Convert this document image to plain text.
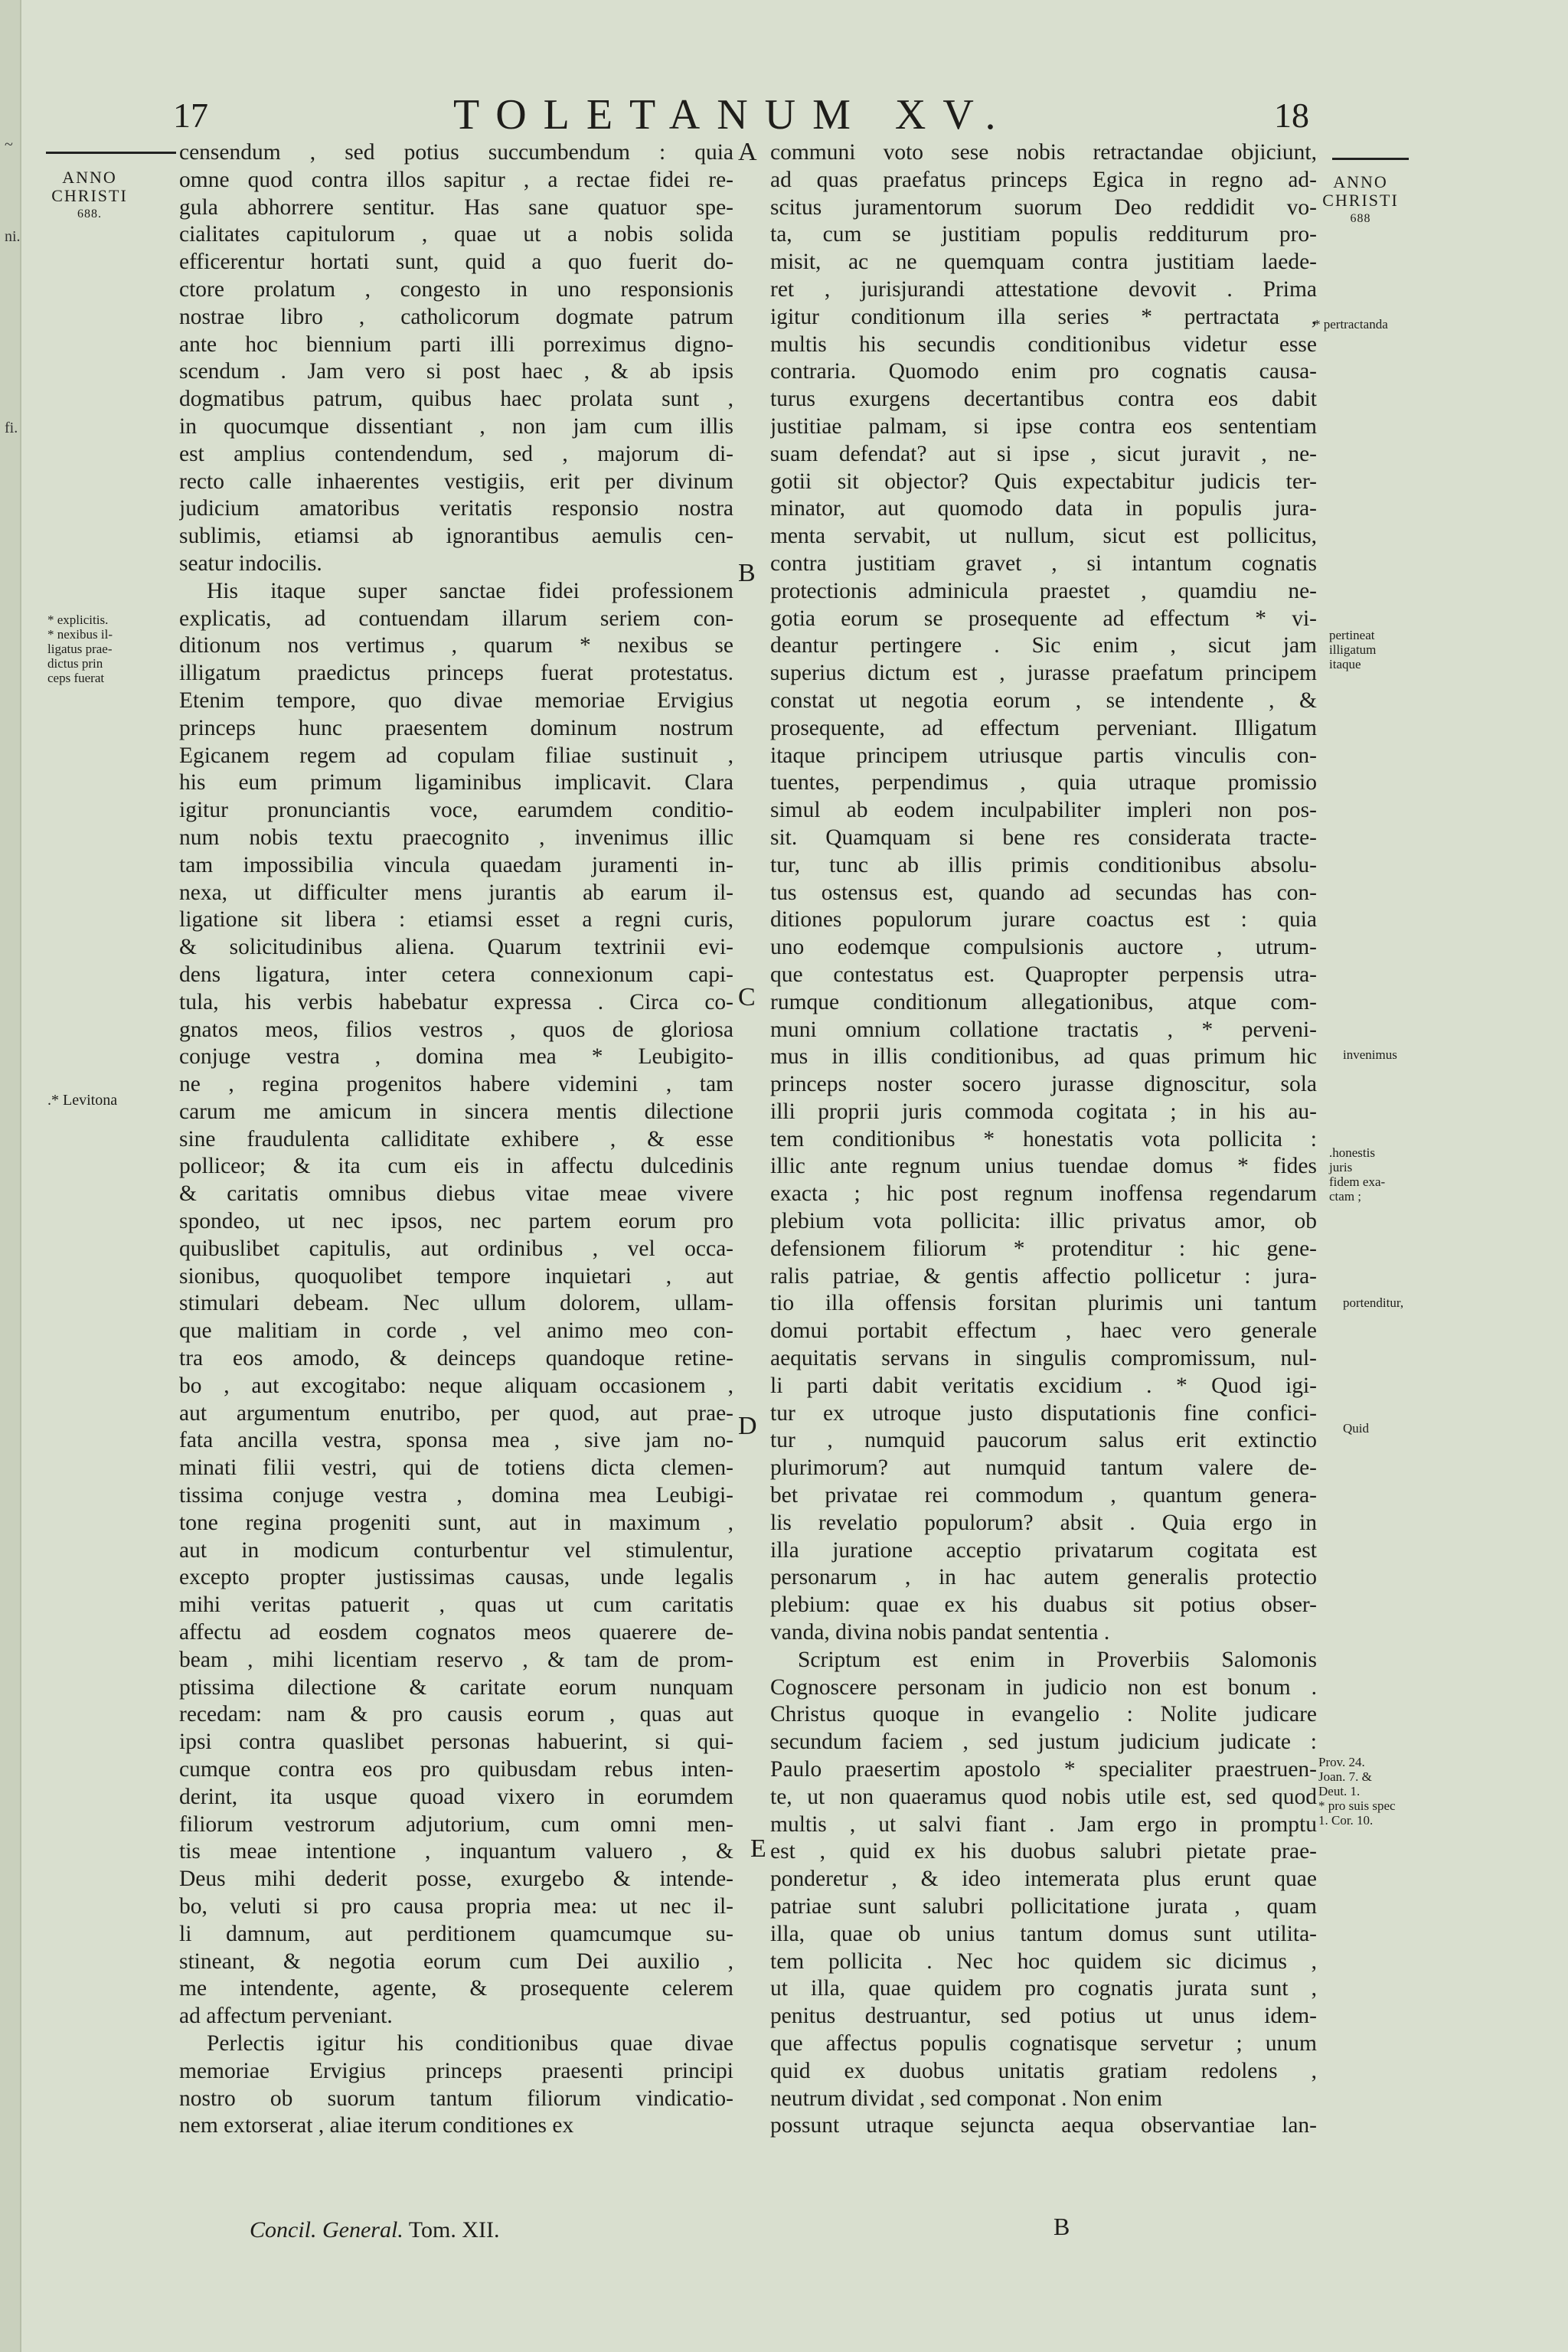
~
ni.
fi.
17	TOLETANUM XV.	18
ANNO
CHRISTI

688.
ANNO
CHRISTI

688
censendum , sed potius succumbendum : quia
omne quod contra illos sapitur , a rectae fidei re-
gula abhorrere sentitur. Has sane quatuor spe-
cialitates capitulorum , quae ut a nobis solida
efficerentur hortati sunt, quid a quo fuerit do-
ctore prolatum , congesto in uno responsionis
nostrae libro , catholicorum dogmate patrum
ante hoc biennium parti illi porreximus digno-
scendum . Jam vero si post haec , & ab ipsis
dogmatibus patrum, quibus haec prolata sunt ,
in quocumque dissentiant , non jam cum illis
est amplius contendendum, sed , majorum di-
recto calle inhaerentes vestigiis, erit per divinum
judicium amatoribus veritatis responsio nostra
sublimis, etiamsi ab ignorantibus aemulis cen-
seatur indocilis.
His itaque super sanctae fidei professionem
explicatis, ad contuendam illarum seriem con-
ditionum nos vertimus , quarum * nexibus se
illigatum praedictus princeps fuerat protestatus.
Etenim tempore, quo divae memoriae Ervigius
princeps hunc praesentem dominum nostrum
Egicanem regem ad copulam filiae sustinuit ,
his eum primum ligaminibus implicavit. Clara
igitur pronunciantis voce, earumdem conditio-
num nobis textu praecognito , invenimus illic
tam impossibilia vincula quaedam juramenti in-
nexa, ut difficulter mens jurantis ab earum il-
ligatione sit libera : etiamsi esset a regni curis,
& solicitudinibus aliena. Quarum textrinii evi-
dens ligatura, inter cetera connexionum capi-
tula, his verbis habebatur expressa . Circa co-
gnatos meos, filios vestros , quos de gloriosa
conjuge vestra , domina mea * Leubigito-
ne , regina progenitos habere videmini , tam
carum me amicum in sincera mentis dilectione
sine fraudulenta calliditate exhibere , & esse
polliceor; & ita cum eis in affectu dulcedinis
& caritatis omnibus diebus vitae meae vivere
spondeo, ut nec ipsos, nec partem eorum pro
quibuslibet capitulis, aut ordinibus , vel occa-
sionibus, quoquolibet tempore inquietari , aut
stimulari debeam. Nec ullum dolorem, ullam-
que malitiam in corde , vel animo meo con-
tra eos amodo, & deinceps quandoque retine-
bo , aut excogitabo: neque aliquam occasionem ,
aut argumentum enutribo, per quod, aut prae-
fata ancilla vestra, sponsa mea , sive jam no-
minati filii vestri, qui de totiens dicta clemen-
tissima conjuge vestra , domina mea Leubigi-
tone regina progeniti sunt, aut in maximum ,
aut in modicum conturbentur vel stimulentur,
excepto propter justissimas causas, unde legalis
mihi veritas patuerit , quas ut cum caritatis
affectu ad eosdem cognatos meos quaerere de-
beam , mihi licentiam reservo , & tam de prom-
ptissima dilectione & caritate eorum nunquam
recedam: nam & pro causis eorum , quas aut
ipsi contra quaslibet personas habuerint, si qui-
cumque contra eos pro quibusdam rebus inten-
derint, ita usque quoad vixero in eorumdem
filiorum vestrorum adjutorium, cum omni men-
tis meae intentione , inquantum valuero , &
Deus mihi dederit posse, exurgebo & intende-
bo, veluti si pro causa propria mea: ut nec il-
li damnum, aut perditionem quamcumque su-
stineant, & negotia eorum cum Dei auxilio ,
me intendente, agente, & prosequente celerem
ad affectum perveniant.
Perlectis igitur his conditionibus quae divae
memoriae Ervigius princeps praesenti principi
nostro ob suorum tantum filiorum vindicatio-
nem extorserat , aliae iterum conditiones ex
communi voto sese nobis retractandae objiciunt,
ad quas praefatus princeps Egica in regno ad-
scitus juramentorum suorum Deo reddidit vo-
ta, cum se justitiam populis redditurum pro-
misit, ac ne quemquam contra justitiam laede-
ret , jurisjurandi attestatione devovit . Prima
igitur conditionum illa series * pertractata ,
multis his secundis conditionibus videtur esse
contraria. Quomodo enim pro cognatis causa-
turus exurgens decertantibus contra eos dabit
justitiae palmam, si ipse contra eos sententiam
suam defendat? aut si ipse , sicut juravit , ne-
gotii sit objector? Quis expectabitur judicis ter-
minator, aut quomodo data in populis jura-
menta servabit, ut nullum, sicut est pollicitus,
contra justitiam gravet , si intantum cognatis
protectionis adminicula praestet , quamdiu ne-
gotia eorum se prosequente ad effectum * vi-
deantur pertingere . Sic enim , sicut jam
superius dictum est , jurasse praefatum principem
constat ut negotia eorum , se intendente , &
prosequente, ad effectum perveniant. Illigatum
itaque principem utriusque partis vinculis con-
tuentes, perpendimus , quia utraque promissio
simul ab eodem inculpabiliter impleri non pos-
sit. Quamquam si bene res considerata tracte-
tur, tunc ab illis primis conditionibus absolu-
tus ostensus est, quando ad secundas has con-
ditiones populorum jurare coactus est : quia
uno eodemque compulsionis auctore , utrum-
que contestatus est. Quapropter perpensis utra-
rumque conditionum allegationibus, atque com-
muni omnium collatione tractatis , * perveni-
mus in illis conditionibus, ad quas primum hic
princeps noster socero jurasse dignoscitur, sola
illi proprii juris commoda cogitata ; in his au-
tem conditionibus * honestatis vota pollicita :
illic ante regnum unius tuendae domus * fides
exacta ; hic post regnum inoffensa regendarum
plebium vota pollicita: illic privatus amor, ob
defensionem filiorum * protenditur : hic gene-
ralis patriae, & gentis affectio pollicetur : jura-
tio illa offensis forsitan plurimis uni tantum
domui portabit effectum , haec vero generale
aequitatis servans in singulis compromissum, nul-
li parti dabit veritatis excidium . * Quod igi-
tur ex utroque justo disputationis fine confici-
tur , numquid paucorum salus erit extinctio
plurimorum? aut numquid tantum valere de-
bet privatae rei commodum , quantum genera-
lis revelatio populorum? absit . Quia ergo in
illa juratione acceptio privatarum cogitata est
personarum , in hac autem generalis protectio
plebium: quae ex his duabus sit potius obser-
vanda, divina nobis pandat sententia .
Scriptum est enim in Proverbiis Salomonis
Cognoscere personam in judicio non est bonum .
Christus quoque in evangelio : Nolite judicare
secundum faciem , sed justum judicium judicate :
Paulo praesertim apostolo * specialiter praestruen-
te, ut non quaeramus quod nobis utile est, sed quod
multis , ut salvi fiant . Jam ergo in promptu
est , quid ex his duobus salubri pietate prae-
ponderetur , & ideo intemerata plus erunt quae
patriae sunt salubri pollicitatione jurata , quam
illa, quae ob unius tantum domus sunt utilita-
tem pollicita . Nec hoc quidem sic dicimus ,
ut illa, quae quidem pro cognatis jurata sunt ,
penitus destruantur, sed potius ut unus idem-
que affectus populis cognatisque servetur ; unum
quid ex duobus unitatis gratiam redolens ,
neutrum dividat , sed componat . Non enim
possunt utraque sejuncta aequa observantiae lan-
A
B
C
D
E
* explicitis.
* nexibus il-
ligatus prae-
dictus prin
ceps fuerat
.* Levitona
* pertractanda
pertineat
illigatum
itaque
invenimus
.honestis
juris
fidem exa-
ctam ;
portenditur,
Quid
Prov. 24.
Joan. 7. &
Deut. 1.
* pro suis spec
1. Cor. 10.
Concil. General. Tom. XII.	B
